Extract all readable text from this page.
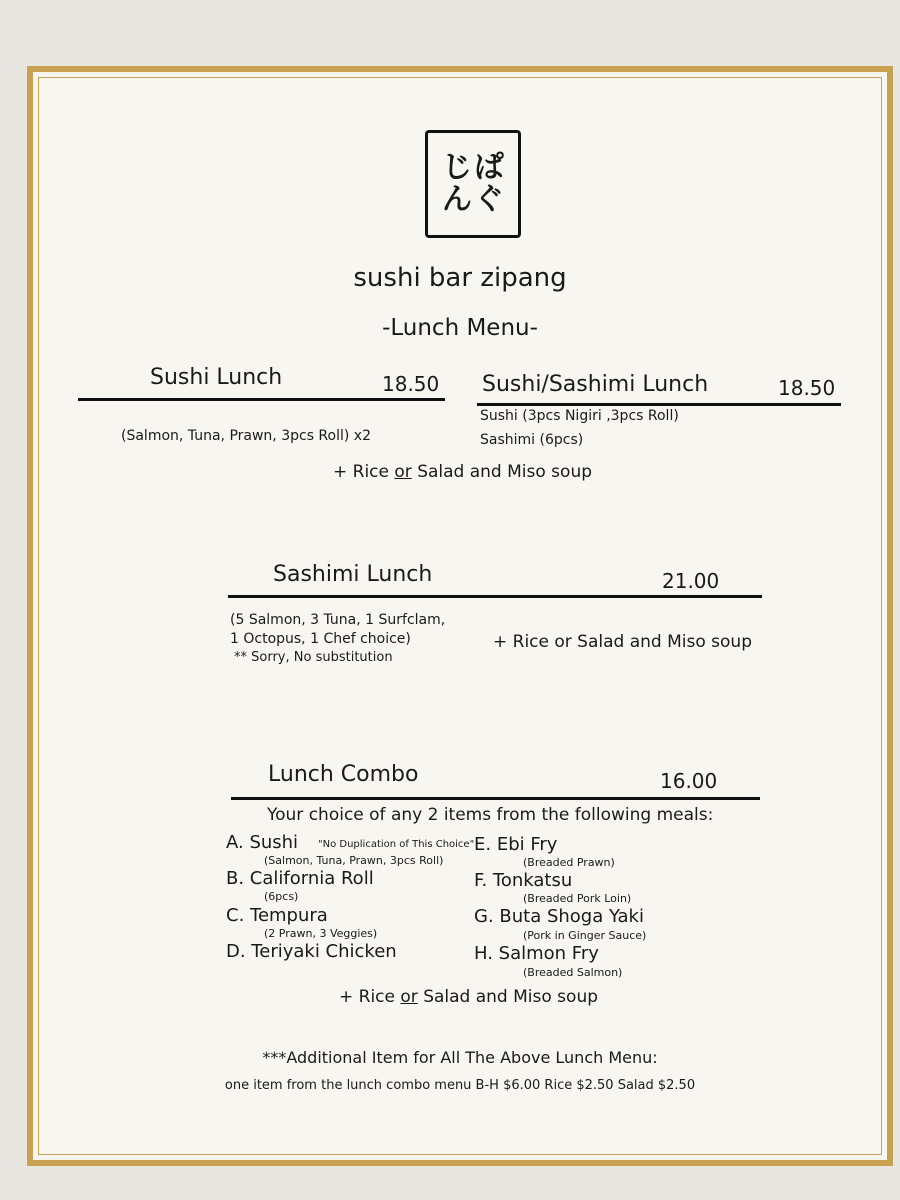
ぱ
ぐ
じ
ん
sushi bar zipang
-Lunch Menu-
Sushi Lunch	18.50
(Salmon, Tuna, Prawn, 3pcs Roll) x2
+ Rice or Salad and Miso soup
Sushi/Sashimi Lunch	18.50
Sushi (3pcs Nigiri ,3pcs Roll)
Sashimi (6pcs)
Sashimi Lunch	21.00
(5 Salmon, 3 Tuna, 1 Surfclam,
1 Octopus, 1 Chef choice)
** Sorry, No substitution
+ Rice or Salad and Miso soup
Lunch Combo	16.00
Your choice of any 2 items from the following meals:
A. Sushi "No Duplication of This Choice"
(Salmon, Tuna, Prawn, 3pcs Roll)
B. California Roll
(6pcs)
C. Tempura
(2 Prawn, 3 Veggies)
D. Teriyaki Chicken
E. Ebi Fry
(Breaded Prawn)
F. Tonkatsu
(Breaded Pork Loin)
G. Buta Shoga Yaki
(Pork in Ginger Sauce)
H. Salmon Fry
(Breaded Salmon)
+ Rice or Salad and Miso soup
***Additional Item for All The Above Lunch Menu:
one item from the lunch combo menu B-H $6.00 Rice $2.50 Salad $2.50
